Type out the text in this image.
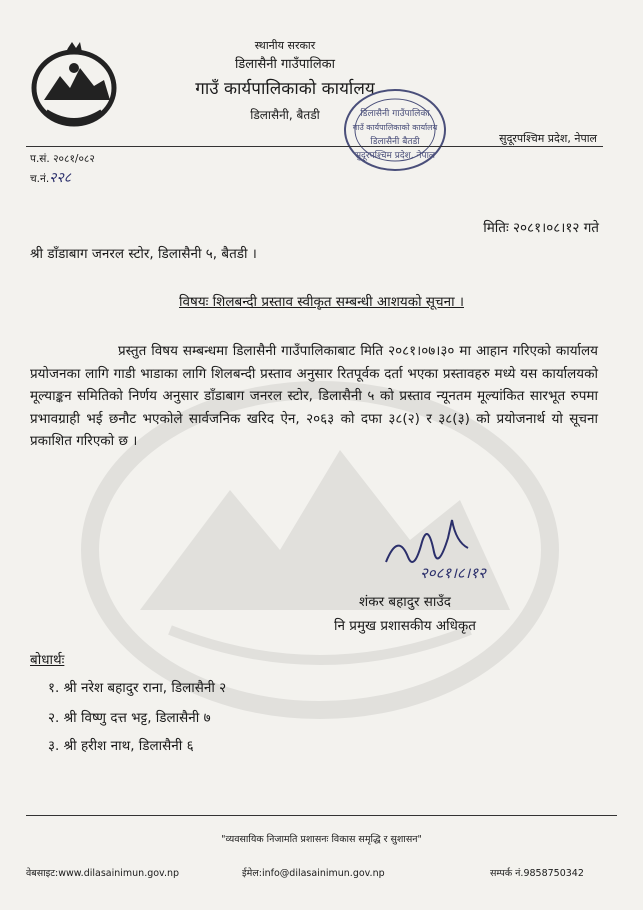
स्थानीय सरकार
डिलासैनी गाउँपालिका
गाउँ कार्यपालिकाको कार्यालय
डिलासैनी, बैतडी	डिलासैनी गाउँपालिका
गाउँ कार्यपालिकाको कार्यालय
डिलासैनी बैतडी
सुदूरपश्चिम प्रदेश, नेपाल
सुदूरपश्चिम प्रदेश, नेपाल
प.सं. २०८१/०८२
च.नं.२२८
मितिः २०८१।०८।१२ गते
श्री डाँडाबाग जनरल स्टोर, डिलासैनी ५, बैतडी ।
विषयः शिलबन्दी प्रस्ताव स्वीकृत सम्बन्धी आशयको सूचना ।
प्रस्तुत विषय सम्बन्धमा डिलासैनी गाउँपालिकाबाट मिति २०८१।०७।३० मा आहान गरिएको कार्यालय प्रयोजनका लागि गाडी भाडाका लागि शिलबन्दी प्रस्ताव अनुसार रितपूर्वक दर्ता भएका प्रस्तावहरु मध्ये यस कार्यालयको मूल्याङ्कन समितिको निर्णय अनुसार डाँडाबाग जनरल स्टोर, डिलासैनी ५ को प्रस्ताव न्यूनतम मूल्यांकित सारभूत रुपमा प्रभावग्राही भई छनौट भएकोले सार्वजनिक खरिद ऐन, २०६३ को दफा ३८(२) र ३८(३) को प्रयोजनार्थ यो सूचना प्रकाशित गरिएको छ ।
२०८१।८।१२
शंकर बहादुर साउँद
नि प्रमुख प्रशासकीय अधिकृत
बोधार्थः
१. श्री नरेश बहादुर राना, डिलासैनी २
२. श्री विष्णु दत्त भट्ट, डिलासैनी ७
३. श्री हरीश नाथ, डिलासैनी ६
"व्यवसायिक निजामति प्रशासनः विकास समृद्धि र सुशासन"
वेबसाइट:www.dilasainimun.gov.np	ईमेल:info@dilasainimun.gov.np	सम्पर्क नं.9858750342
